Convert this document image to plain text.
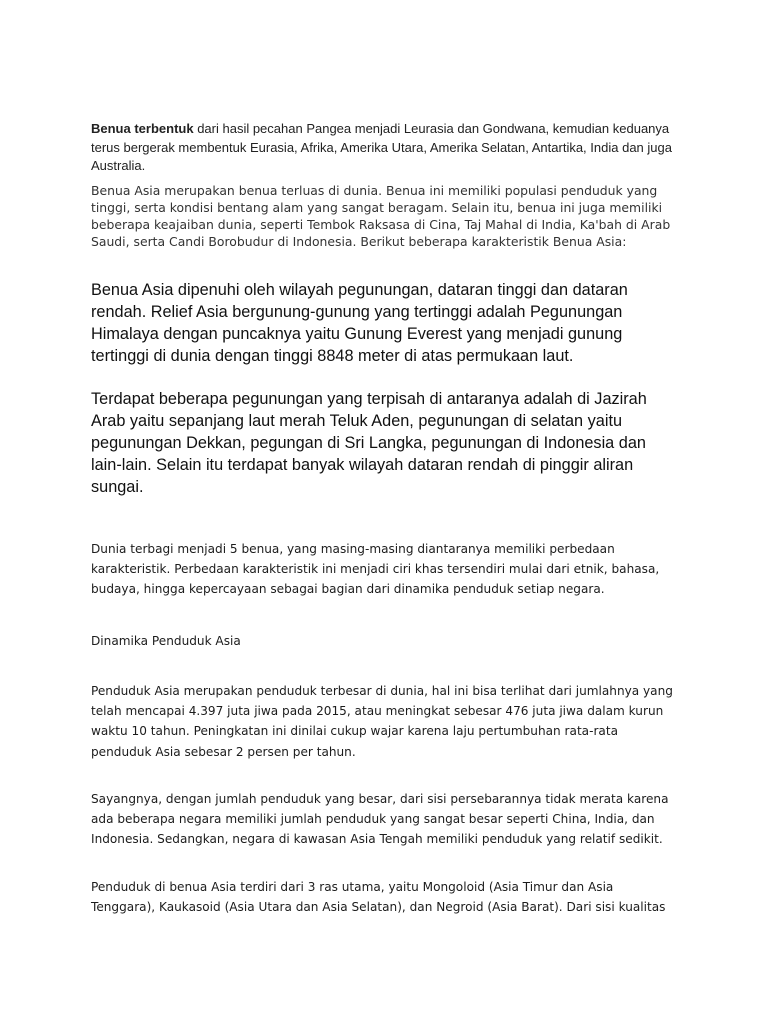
Benua terbentuk dari hasil pecahan Pangea menjadi Leurasia dan Gondwana, kemudian keduanya terus bergerak membentuk Eurasia, Afrika, Amerika Utara, Amerika Selatan, Antartika, India dan juga Australia.

Benua Asia merupakan benua terluas di dunia. Benua ini memiliki populasi penduduk yang tinggi, serta kondisi bentang alam yang sangat beragam. Selain itu, benua ini juga memiliki beberapa keajaiban dunia, seperti Tembok Raksasa di Cina, Taj Mahal di India, Ka'bah di Arab Saudi, serta Candi Borobudur di Indonesia. Berikut beberapa karakteristik Benua Asia:

Benua Asia dipenuhi oleh wilayah pegunungan, dataran tinggi dan dataran rendah. Relief Asia bergunung-gunung yang tertinggi adalah Pegunungan Himalaya dengan puncaknya yaitu Gunung Everest yang menjadi gunung tertinggi di dunia dengan tinggi 8848 meter di atas permukaan laut.

Terdapat beberapa pegunungan yang terpisah di antaranya adalah di Jazirah Arab yaitu sepanjang laut merah Teluk Aden, pegunungan di selatan yaitu pegunungan Dekkan, pegungan di Sri Langka, pegunungan di Indonesia dan lain-lain. Selain itu terdapat banyak wilayah dataran rendah di pinggir aliran sungai.

Dunia terbagi menjadi 5 benua, yang masing-masing diantaranya memiliki perbedaan karakteristik. Perbedaan karakteristik ini menjadi ciri khas tersendiri mulai dari etnik, bahasa, budaya, hingga kepercayaan sebagai bagian dari dinamika penduduk setiap negara.

Dinamika Penduduk Asia

Penduduk Asia merupakan penduduk terbesar di dunia, hal ini bisa terlihat dari jumlahnya yang telah mencapai 4.397 juta jiwa pada 2015, atau meningkat sebesar 476 juta jiwa dalam kurun waktu 10 tahun. Peningkatan ini dinilai cukup wajar karena laju pertumbuhan rata-rata penduduk Asia sebesar 2 persen per tahun.

Sayangnya, dengan jumlah penduduk yang besar, dari sisi persebarannya tidak merata karena ada beberapa negara memiliki jumlah penduduk yang sangat besar seperti China, India, dan Indonesia. Sedangkan, negara di kawasan Asia Tengah memiliki penduduk yang relatif sedikit.

Penduduk di benua Asia terdiri dari 3 ras utama, yaitu Mongoloid (Asia Timur dan Asia Tenggara), Kaukasoid (Asia Utara dan Asia Selatan), dan Negroid (Asia Barat). Dari sisi kualitas
